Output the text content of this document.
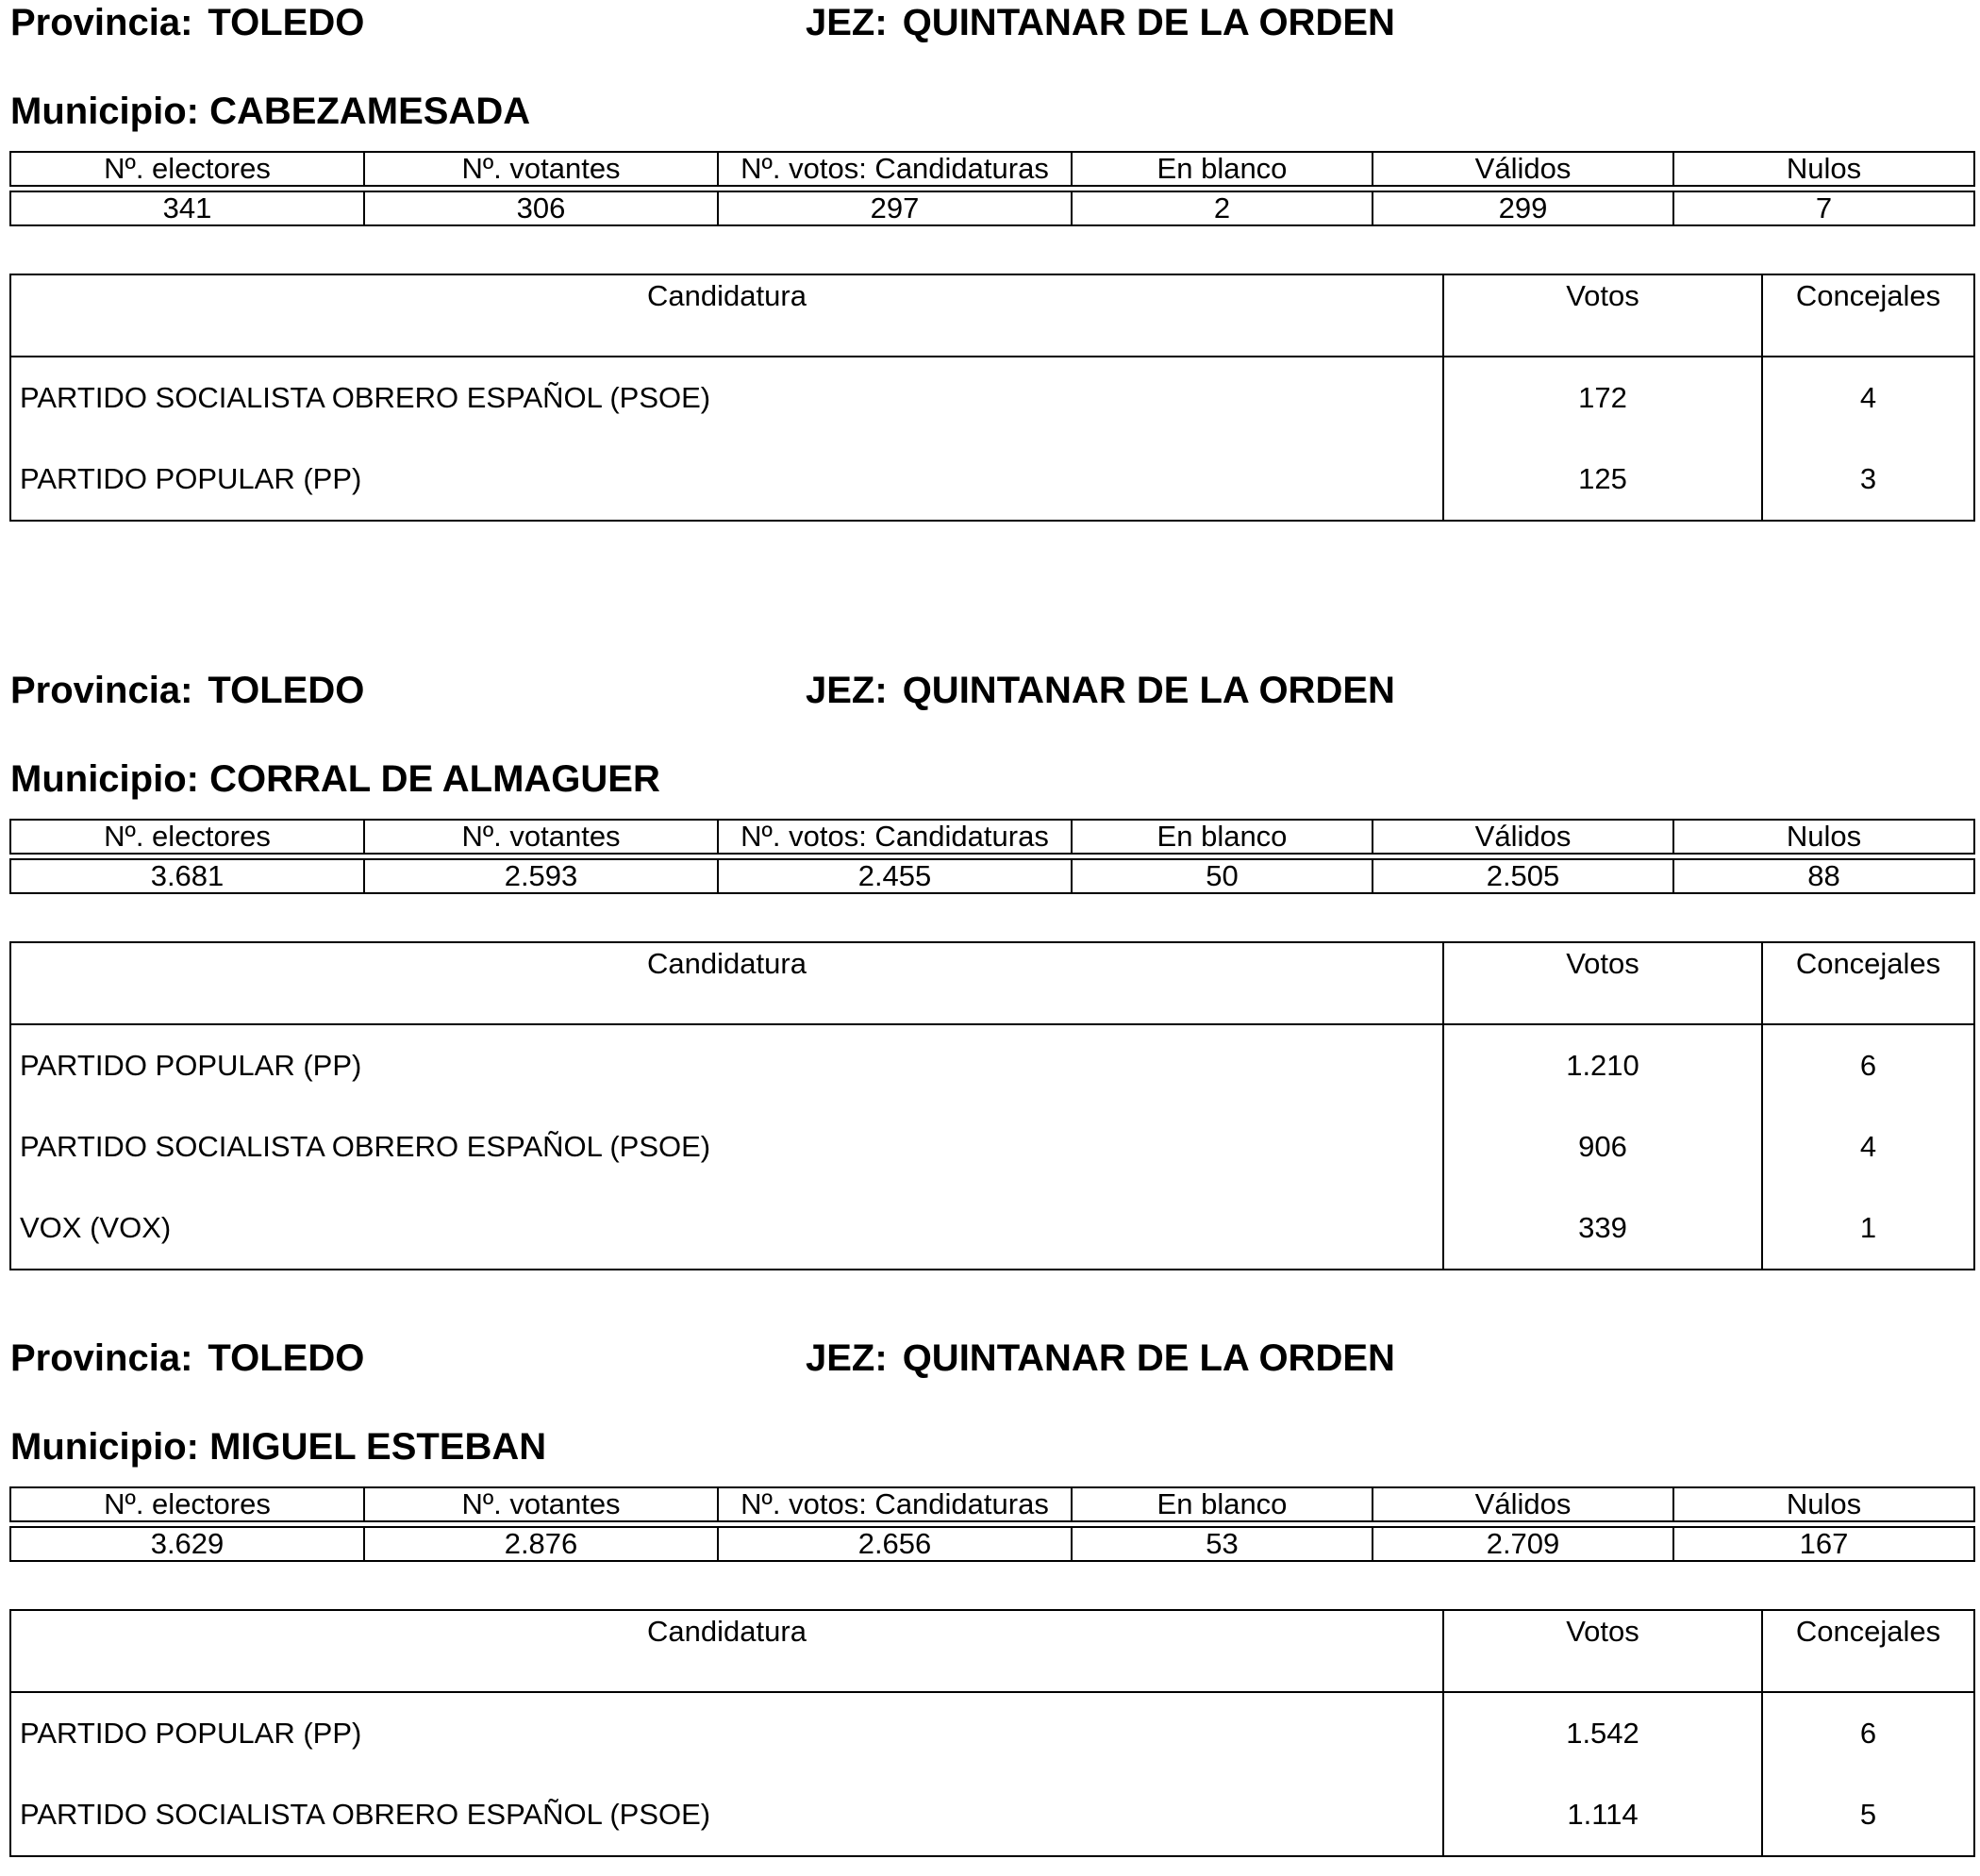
Provincia: TOLEDO	JEZ: QUINTANAR DE LA ORDEN
Municipio: CABEZAMESADA
Nº. electores	Nº. votantes	Nº. votos: Candidaturas	En blanco	Válidos	Nulos

341	306	297	2	299	7
Candidatura	Votos	Concejales
PARTIDO SOCIALISTA OBRERO ESPAÑOL (PSOE)	172	4
PARTIDO POPULAR (PP)	125	3
Provincia: TOLEDO	JEZ: QUINTANAR DE LA ORDEN
Municipio: CORRAL DE ALMAGUER
Nº. electores	Nº. votantes	Nº. votos: Candidaturas	En blanco	Válidos	Nulos

3.681	2.593	2.455	50	2.505	88
Candidatura	Votos	Concejales
PARTIDO POPULAR (PP)	1.210	6
PARTIDO SOCIALISTA OBRERO ESPAÑOL (PSOE)	906	4
VOX (VOX)	339	1
Provincia: TOLEDO	JEZ: QUINTANAR DE LA ORDEN
Municipio: MIGUEL ESTEBAN
Nº. electores	Nº. votantes	Nº. votos: Candidaturas	En blanco	Válidos	Nulos

3.629	2.876	2.656	53	2.709	167
Candidatura	Votos	Concejales
PARTIDO POPULAR (PP)	1.542	6
PARTIDO SOCIALISTA OBRERO ESPAÑOL (PSOE)	1.114	5
